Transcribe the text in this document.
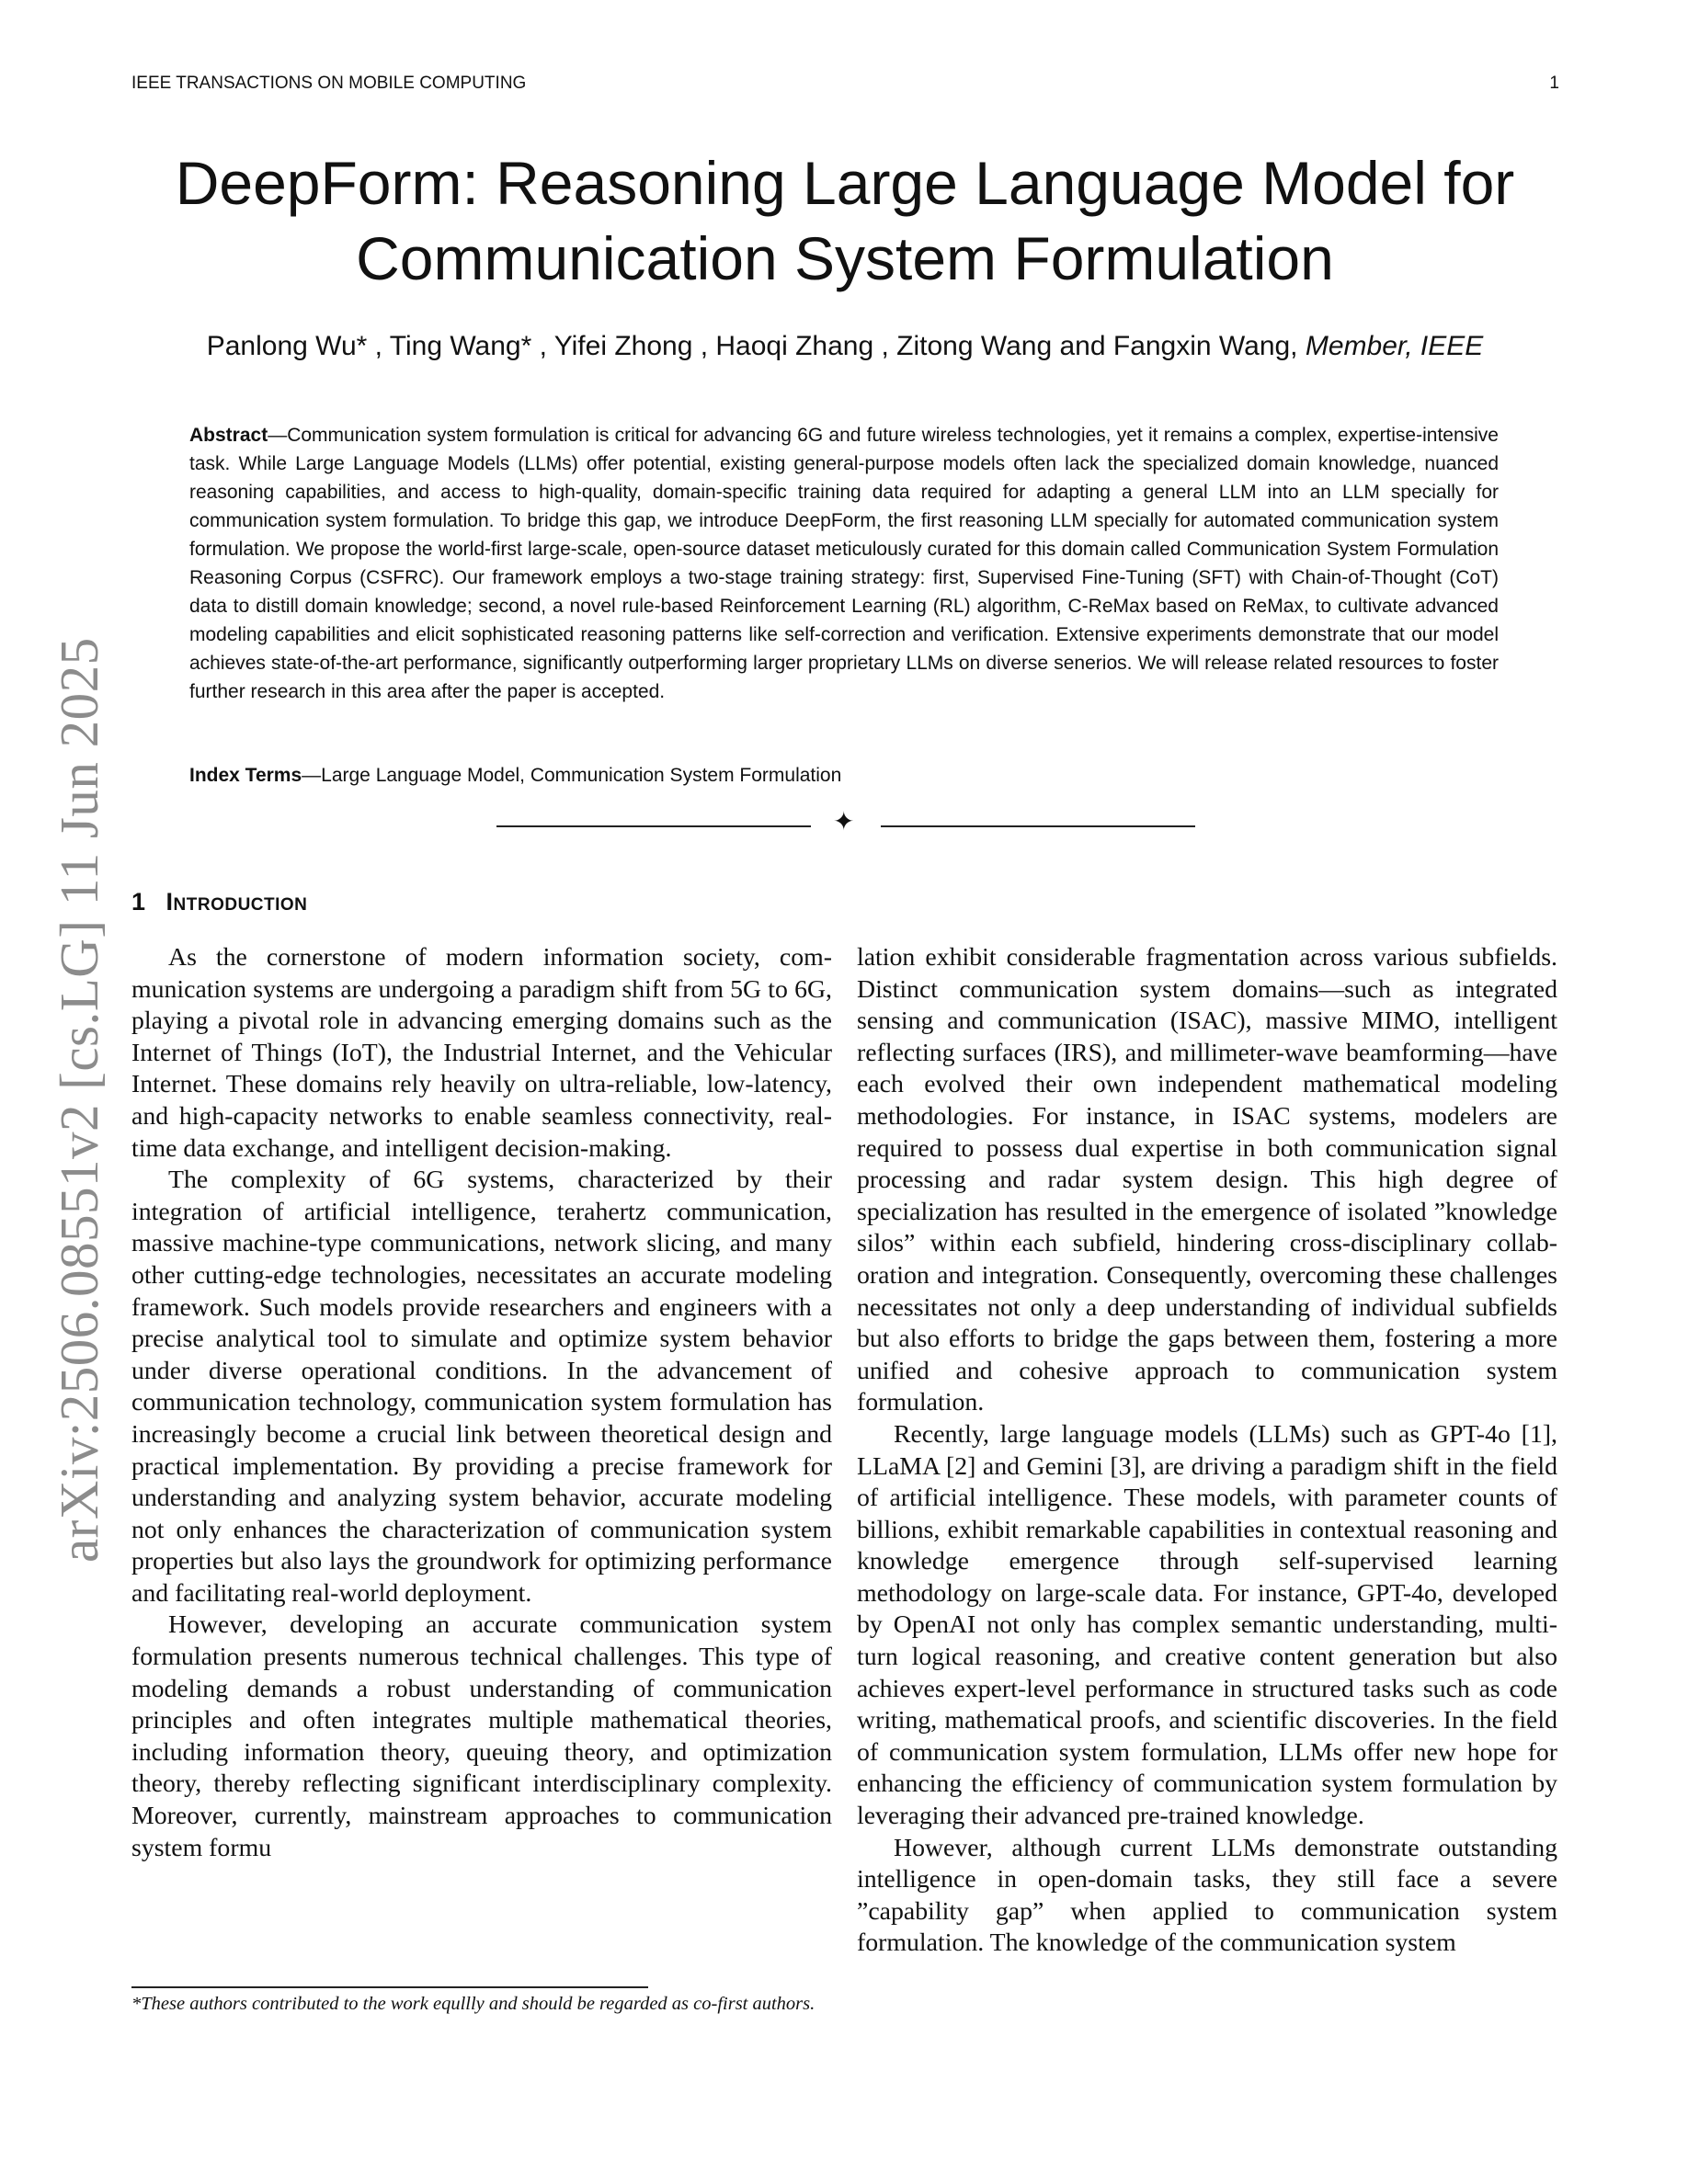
IEEE TRANSACTIONS ON MOBILE COMPUTING	1
DeepForm: Reasoning Large Language Model for Communication System Formulation
Panlong Wu* , Ting Wang* , Yifei Zhong , Haoqi Zhang , Zitong Wang and Fangxin Wang, Member, IEEE

Abstract—Communication system formulation is critical for advancing 6G and future wireless technologies, yet it remains a complex, expertise-intensive task. While Large Language Models (LLMs) offer potential, existing general-purpose models often lack the specialized domain knowledge, nuanced reasoning capabilities, and access to high-quality, domain-specific training data required for adapting a general LLM into an LLM specially for communication system formulation. To bridge this gap, we introduce DeepForm, the first reasoning LLM specially for automated communication system formulation. We propose the world-first large-scale, open-source dataset meticulously curated for this domain called Communication System Formulation Reasoning Corpus (CSFRC). Our framework employs a two-stage training strategy: first, Supervised Fine-Tuning (SFT) with Chain-of-Thought (CoT) data to distill domain knowledge; second, a novel rule-based Reinforcement Learning (RL) algorithm, C-ReMax based on ReMax, to cultivate advanced modeling capabilities and elicit sophisticated reasoning patterns like self-correction and verification. Extensive experiments demonstrate that our model achieves state-of-the-art performance, significantly outperforming larger proprietary LLMs on diverse senerios. We will release related resources to foster further research in this area after the paper is accepted.

Index Terms—Large Language Model, Communication System Formulation

✦
1 Introduction

As the cornerstone of modern information society, communication systems are undergoing a paradigm shift from 5G to 6G, playing a pivotal role in advancing emerging domains such as the Internet of Things (IoT), the Industrial Internet, and the Vehicular Internet. These domains rely heavily on ultra-reliable, low-latency, and high-capacity networks to enable seamless connectivity, real-time data exchange, and intelligent decision-making.

The complexity of 6G systems, characterized by their integration of artificial intelligence, terahertz communication, massive machine-type communications, network slicing, and many other cutting-edge technologies, necessitates an accurate modeling framework. Such models provide researchers and engineers with a precise analytical tool to simulate and optimize system behavior under diverse operational conditions. In the advancement of communication technology, communication system formulation has increasingly become a crucial link between theoretical design and practical implementation. By providing a precise framework for understanding and analyzing system behavior, accurate modeling not only enhances the characterization of communication system properties but also lays the groundwork for optimizing performance and facilitating real-world deployment.

However, developing an accurate communication system formulation presents numerous technical challenges. This type of modeling demands a robust understanding of communication principles and often integrates multiple mathematical theories, including information theory, queuing theory, and optimization theory, thereby reflecting significant interdisciplinary complexity. Moreover, currently, mainstream approaches to communication system formu

lation exhibit considerable fragmentation across various subfields. Distinct communication system domains—such as integrated sensing and communication (ISAC), massive MIMO, intelligent reflecting surfaces (IRS), and millimeter-wave beamforming—have each evolved their own independent mathematical modeling methodologies. For instance, in ISAC systems, modelers are required to possess dual expertise in both communication signal processing and radar system design. This high degree of specialization has resulted in the emergence of isolated ”knowledge silos” within each subfield, hindering cross-disciplinary collaboration and integration. Consequently, overcoming these challenges necessitates not only a deep understanding of individual subfields but also efforts to bridge the gaps between them, fostering a more unified and cohesive approach to communication system formulation.

Recently, large language models (LLMs) such as GPT-4o [1], LLaMA [2] and Gemini [3], are driving a paradigm shift in the field of artificial intelligence. These models, with parameter counts of billions, exhibit remarkable capabilities in contextual reasoning and knowledge emergence through self-supervised learning methodology on large-scale data. For instance, GPT-4o, developed by OpenAI not only has complex semantic understanding, multi-turn logical reasoning, and creative content generation but also achieves expert-level performance in structured tasks such as code writing, mathematical proofs, and scientific discoveries. In the field of communication system formulation, LLMs offer new hope for enhancing the efficiency of communication system formulation by leveraging their advanced pre-trained knowledge.

However, although current LLMs demonstrate outstanding intelligence in open-domain tasks, they still face a severe ”capability gap” when applied to communication system formulation. The knowledge of the communication system

*These authors contributed to the work equllly and should be regarded as co-first authors.

arXiv:2506.08551v2 [cs.LG] 11 Jun 2025
